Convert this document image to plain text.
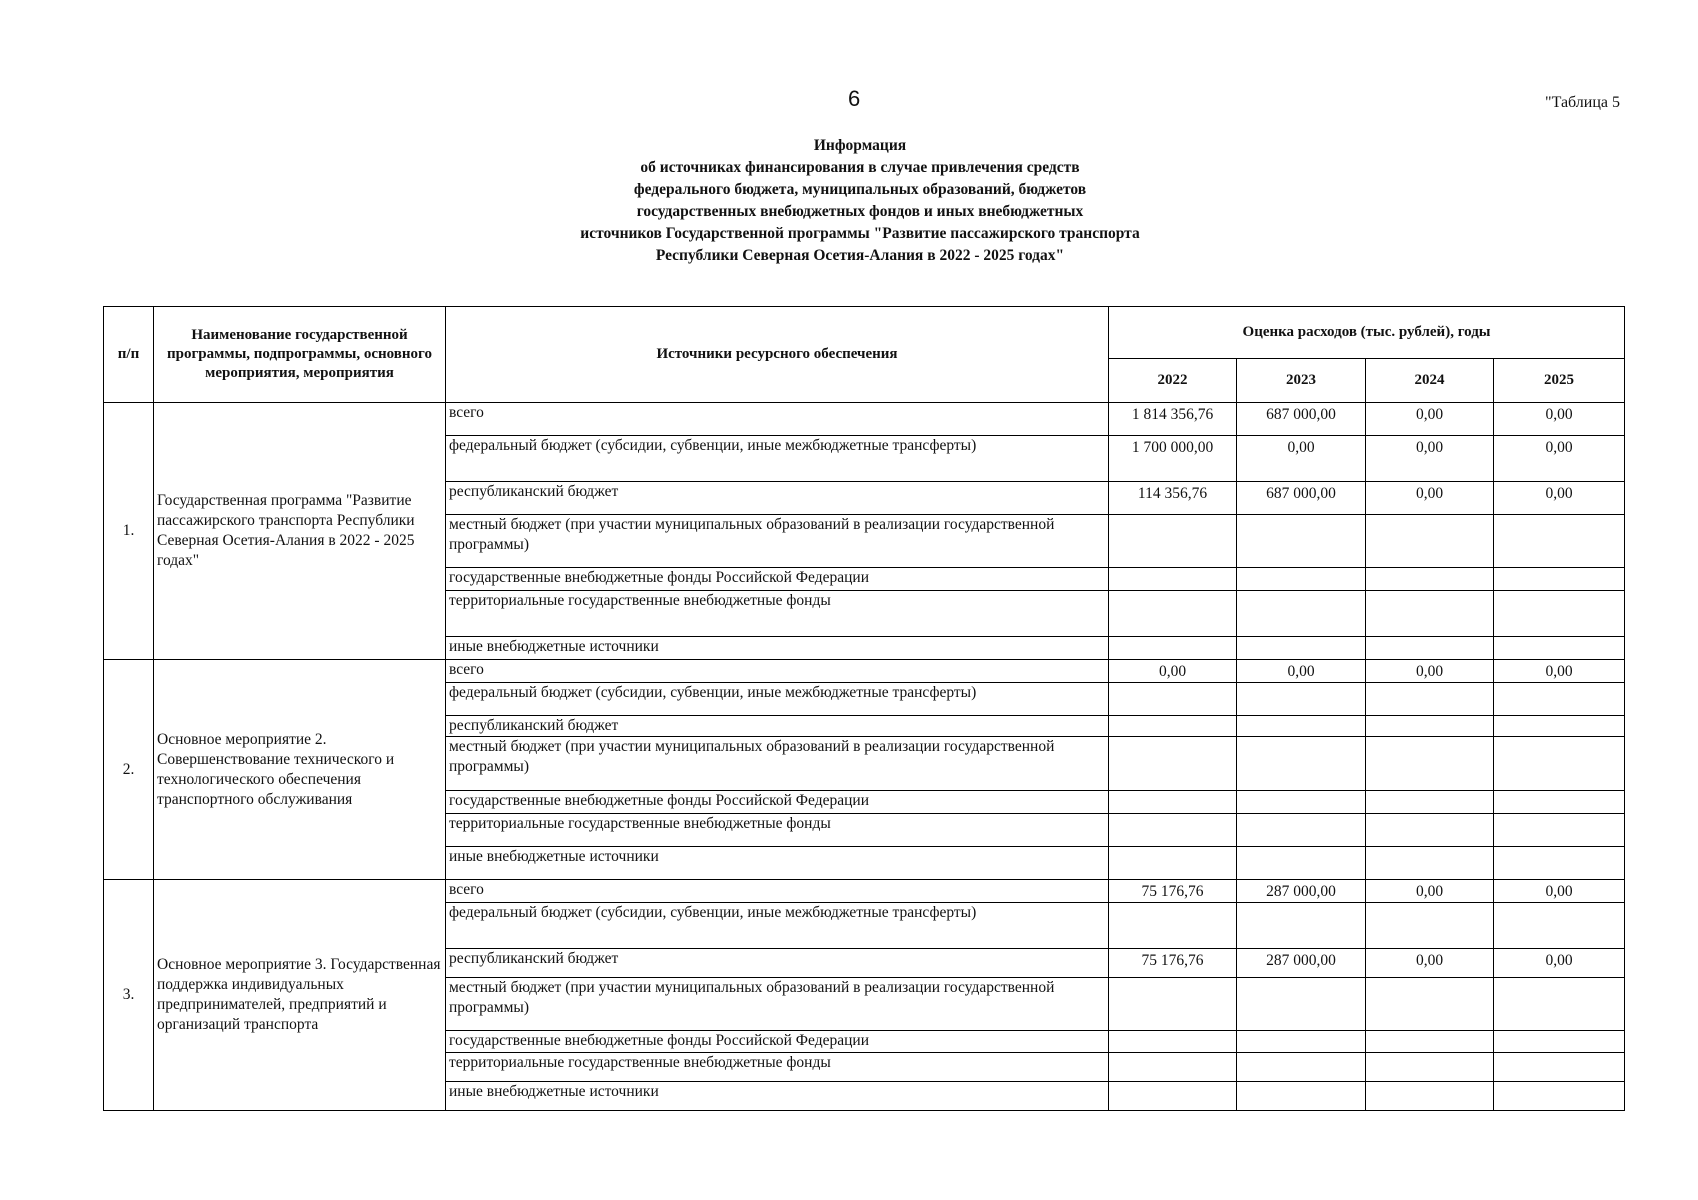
6	"Таблица 5
Информация
об источниках финансирования в случае привлечения средств
федерального бюджета, муниципальных образований, бюджетов
государственных внебюджетных фондов и иных внебюджетных
источников Государственной программы "Развитие пассажирского транспорта
Республики Северная Осетия-Алания в 2022 - 2025 годах"
п/п	Наименование государственной программы, подпрограммы, основного мероприятия, мероприятия	Источники ресурсного обеспечения	Оценка расходов (тыс. рублей), годы			
			2022	2023	2024	2025
1.	Государственная программа "Развитие пассажирского транспорта Республики Северная Осетия-Алания в 2022 - 2025 годах"	всего	1 814 356,76	687 000,00	0,00	0,00
		федеральный бюджет (субсидии, субвенции, иные межбюджетные трансферты)	1 700 000,00	0,00	0,00	0,00
		республиканский бюджет	114 356,76	687 000,00	0,00	0,00
		местный бюджет (при участии муниципальных образований в реализации государственной программы)				
		государственные внебюджетные фонды Российской Федерации				
		территориальные государственные внебюджетные фонды				
		иные внебюджетные источники				
2.	Основное мероприятие 2. Совершенствование технического и технологического обеспечения транспортного обслуживания	всего	0,00	0,00	0,00	0,00
		федеральный бюджет (субсидии, субвенции, иные межбюджетные трансферты)				
		республиканский бюджет				
		местный бюджет (при участии муниципальных образований в реализации государственной программы)				
		государственные внебюджетные фонды Российской Федерации				
		территориальные государственные внебюджетные фонды				
		иные внебюджетные источники				
3.	Основное мероприятие 3. Государственная поддержка индивидуальных предпринимателей, предприятий и организаций транспорта	всего	75 176,76	287 000,00	0,00	0,00
		федеральный бюджет (субсидии, субвенции, иные межбюджетные трансферты)				
		республиканский бюджет	75 176,76	287 000,00	0,00	0,00
		местный бюджет (при участии муниципальных образований в реализации государственной программы)				
		государственные внебюджетные фонды Российской Федерации				
		территориальные государственные внебюджетные фонды				
		иные внебюджетные источники				
